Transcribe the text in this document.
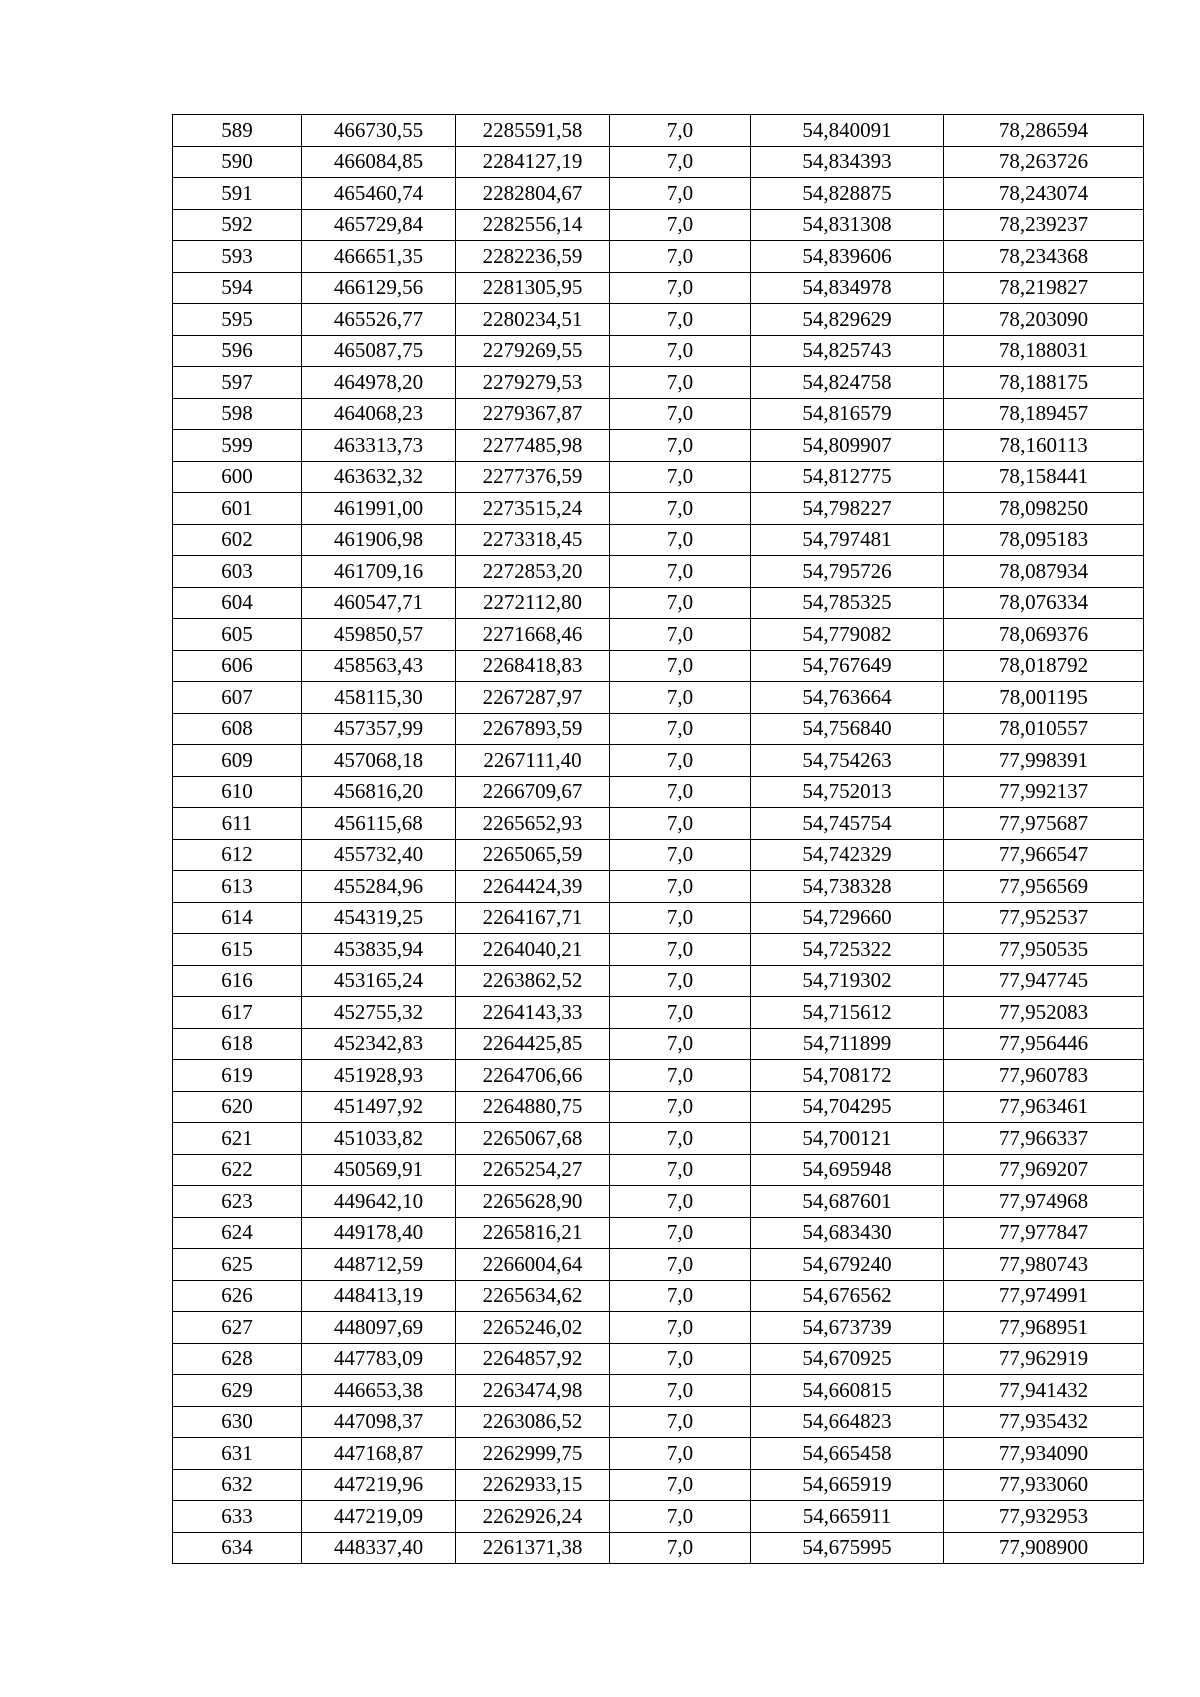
589	466730,55	2285591,58	7,0	54,840091	78,286594
590	466084,85	2284127,19	7,0	54,834393	78,263726
591	465460,74	2282804,67	7,0	54,828875	78,243074
592	465729,84	2282556,14	7,0	54,831308	78,239237
593	466651,35	2282236,59	7,0	54,839606	78,234368
594	466129,56	2281305,95	7,0	54,834978	78,219827
595	465526,77	2280234,51	7,0	54,829629	78,203090
596	465087,75	2279269,55	7,0	54,825743	78,188031
597	464978,20	2279279,53	7,0	54,824758	78,188175
598	464068,23	2279367,87	7,0	54,816579	78,189457
599	463313,73	2277485,98	7,0	54,809907	78,160113
600	463632,32	2277376,59	7,0	54,812775	78,158441
601	461991,00	2273515,24	7,0	54,798227	78,098250
602	461906,98	2273318,45	7,0	54,797481	78,095183
603	461709,16	2272853,20	7,0	54,795726	78,087934
604	460547,71	2272112,80	7,0	54,785325	78,076334
605	459850,57	2271668,46	7,0	54,779082	78,069376
606	458563,43	2268418,83	7,0	54,767649	78,018792
607	458115,30	2267287,97	7,0	54,763664	78,001195
608	457357,99	2267893,59	7,0	54,756840	78,010557
609	457068,18	2267111,40	7,0	54,754263	77,998391
610	456816,20	2266709,67	7,0	54,752013	77,992137
611	456115,68	2265652,93	7,0	54,745754	77,975687
612	455732,40	2265065,59	7,0	54,742329	77,966547
613	455284,96	2264424,39	7,0	54,738328	77,956569
614	454319,25	2264167,71	7,0	54,729660	77,952537
615	453835,94	2264040,21	7,0	54,725322	77,950535
616	453165,24	2263862,52	7,0	54,719302	77,947745
617	452755,32	2264143,33	7,0	54,715612	77,952083
618	452342,83	2264425,85	7,0	54,711899	77,956446
619	451928,93	2264706,66	7,0	54,708172	77,960783
620	451497,92	2264880,75	7,0	54,704295	77,963461
621	451033,82	2265067,68	7,0	54,700121	77,966337
622	450569,91	2265254,27	7,0	54,695948	77,969207
623	449642,10	2265628,90	7,0	54,687601	77,974968
624	449178,40	2265816,21	7,0	54,683430	77,977847
625	448712,59	2266004,64	7,0	54,679240	77,980743
626	448413,19	2265634,62	7,0	54,676562	77,974991
627	448097,69	2265246,02	7,0	54,673739	77,968951
628	447783,09	2264857,92	7,0	54,670925	77,962919
629	446653,38	2263474,98	7,0	54,660815	77,941432
630	447098,37	2263086,52	7,0	54,664823	77,935432
631	447168,87	2262999,75	7,0	54,665458	77,934090
632	447219,96	2262933,15	7,0	54,665919	77,933060
633	447219,09	2262926,24	7,0	54,665911	77,932953
634	448337,40	2261371,38	7,0	54,675995	77,908900
